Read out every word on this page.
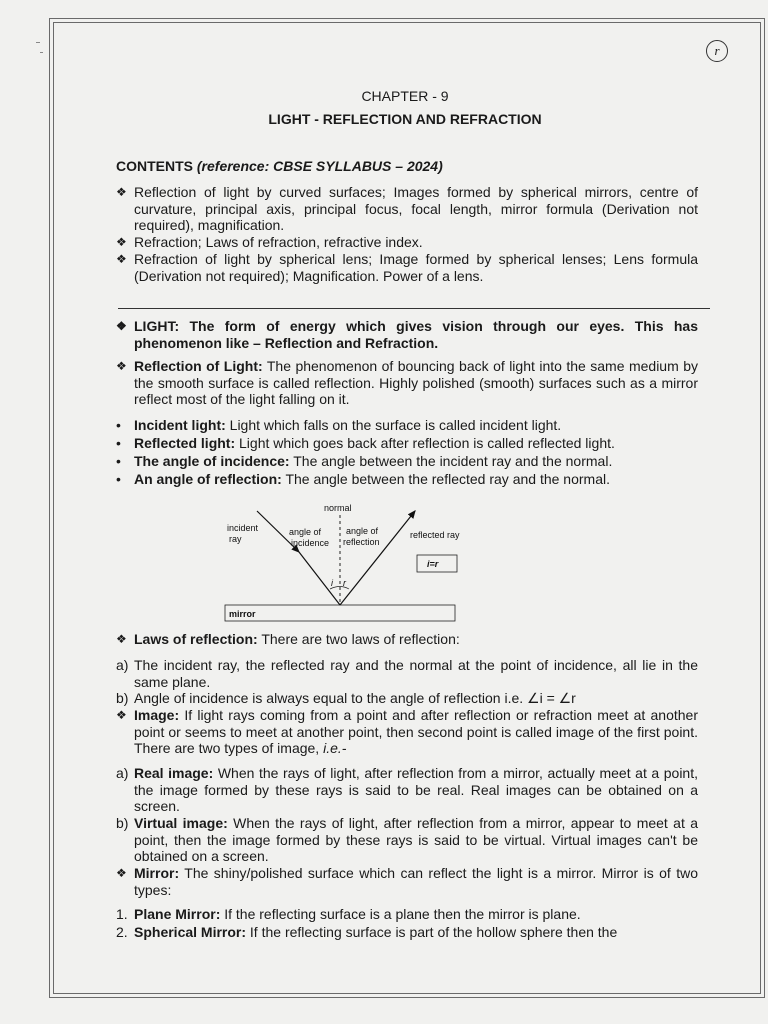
r
CHAPTER - 9
LIGHT - REFLECTION AND REFRACTION
CONTENTS (reference: CBSE SYLLABUS – 2024)
❖ Reflection of light by curved surfaces; Images formed by spherical mirrors, centre of curvature, principal axis, principal focus, focal length, mirror formula (Derivation not required), magnification.
❖ Refraction; Laws of refraction, refractive index.
❖ Refraction of light by spherical lens; Image formed by spherical lenses; Lens formula (Derivation not required); Magnification. Power of a lens.
❖ LIGHT: The form of energy which gives vision through our eyes. This has phenomenon like – Reflection and Refraction.
❖ Reflection of Light: The phenomenon of bouncing back of light into the same medium by the smooth surface is called reflection. Highly polished (smooth) surfaces such as a mirror reflect most of the light falling on it.
• Incident light: Light which falls on the surface is called incident light.
• Reflected light: Light which goes back after reflection is called reflected light.
• The angle of incidence: The angle between the incident ray and the normal.
• An angle of reflection: The angle between the reflected ray and the normal.
mirror
normal
incident
ray
angle of
incidence
angle of
reflection
reflected ray
i r
i=r
❖ Laws of reflection: There are two laws of reflection:
a) The incident ray, the reflected ray and the normal at the point of incidence, all lie in the same plane.
b) Angle of incidence is always equal to the angle of reflection i.e. ∠i = ∠r
❖ Image: If light rays coming from a point and after reflection or refraction meet at another point or seems to meet at another point, then second point is called image of the first point. There are two types of image, i.e.-
a) Real image: When the rays of light, after reflection from a mirror, actually meet at a point, the image formed by these rays is said to be real. Real images can be obtained on a screen.
b) Virtual image: When the rays of light, after reflection from a mirror, appear to meet at a point, then the image formed by these rays is said to be virtual. Virtual images can't be obtained on a screen.
❖ Mirror: The shiny/polished surface which can reflect the light is a mirror. Mirror is of two types:
1. Plane Mirror: If the reflecting surface is a plane then the mirror is plane.
2. Spherical Mirror: If the reflecting surface is part of the hollow sphere then the
